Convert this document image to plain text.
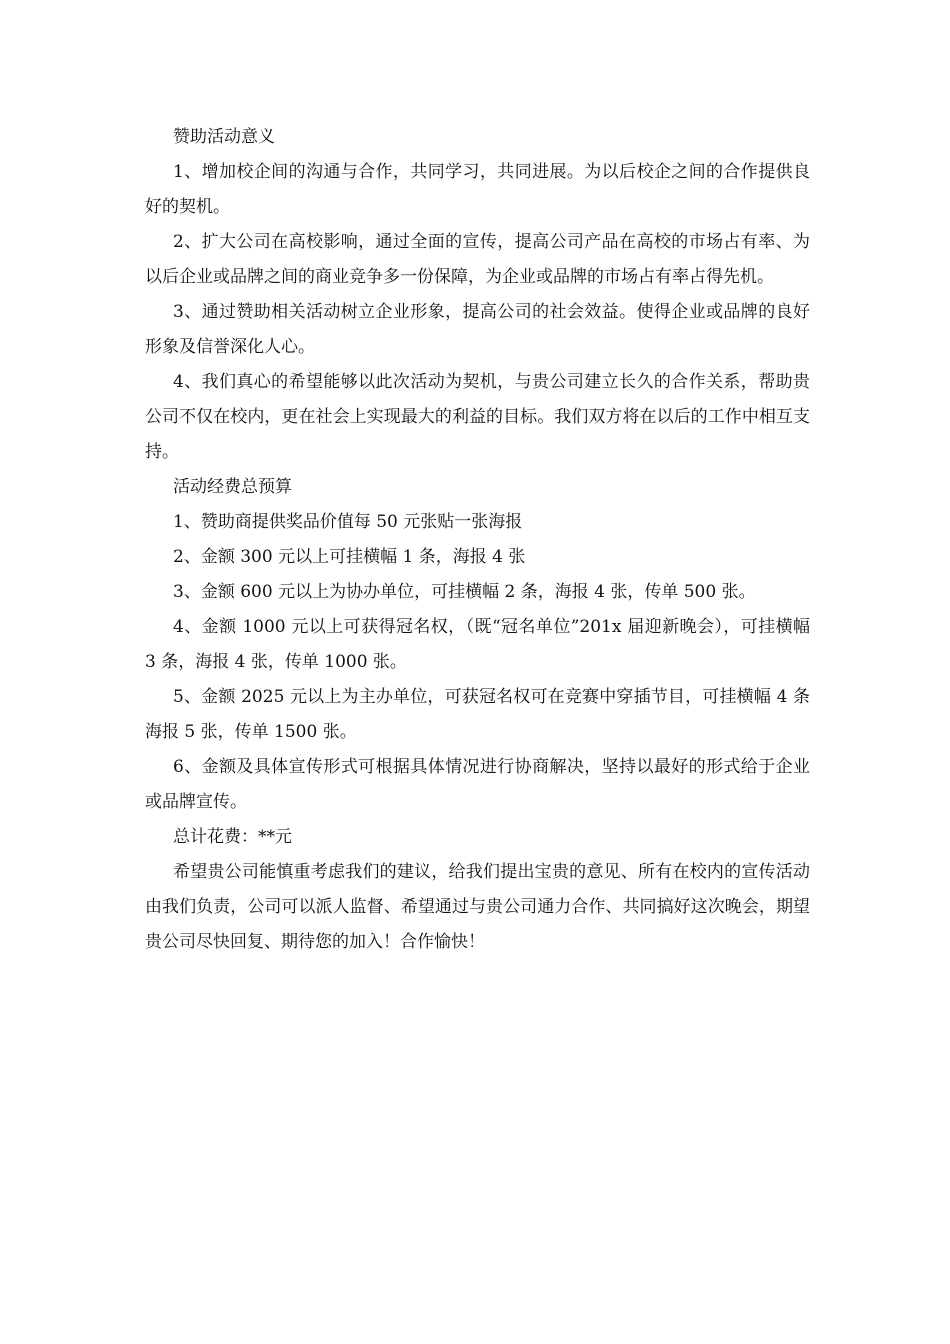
赞助活动意义

1、增加校企间的沟通与合作，共同学习，共同进展。为以后校企之间的合作提供良好的契机。

2、扩大公司在高校影响，通过全面的宣传，提高公司产品在高校的市场占有率、为以后企业或品牌之间的商业竞争多一份保障，为企业或品牌的市场占有率占得先机。

3、通过赞助相关活动树立企业形象，提高公司的社会效益。使得企业或品牌的良好形象及信誉深化人心。

4、我们真心的希望能够以此次活动为契机，与贵公司建立长久的合作关系，帮助贵公司不仅在校内，更在社会上实现最大的利益的目标。我们双方将在以后的工作中相互支持。

活动经费总预算

1、赞助商提供奖品价值每 50 元张贴一张海报

2、金额 300 元以上可挂横幅 1 条，海报 4 张

3、金额 600 元以上为协办单位，可挂横幅 2 条，海报 4 张，传单 500 张。

4、金额 1000 元以上可获得冠名权，（既“冠名单位”201x 届迎新晚会），可挂横幅 3 条，海报 4 张，传单 1000 张。

5、金额 2025 元以上为主办单位，可获冠名权可在竞赛中穿插节目，可挂横幅 4 条海报 5 张，传单 1500 张。

6、金额及具体宣传形式可根据具体情况进行协商解决，坚持以最好的形式给于企业或品牌宣传。

总计花费：**元

希望贵公司能慎重考虑我们的建议，给我们提出宝贵的意见、所有在校内的宣传活动由我们负责，公司可以派人监督、希望通过与贵公司通力合作、共同搞好这次晚会，期望贵公司尽快回复、期待您的加入！合作愉快！
